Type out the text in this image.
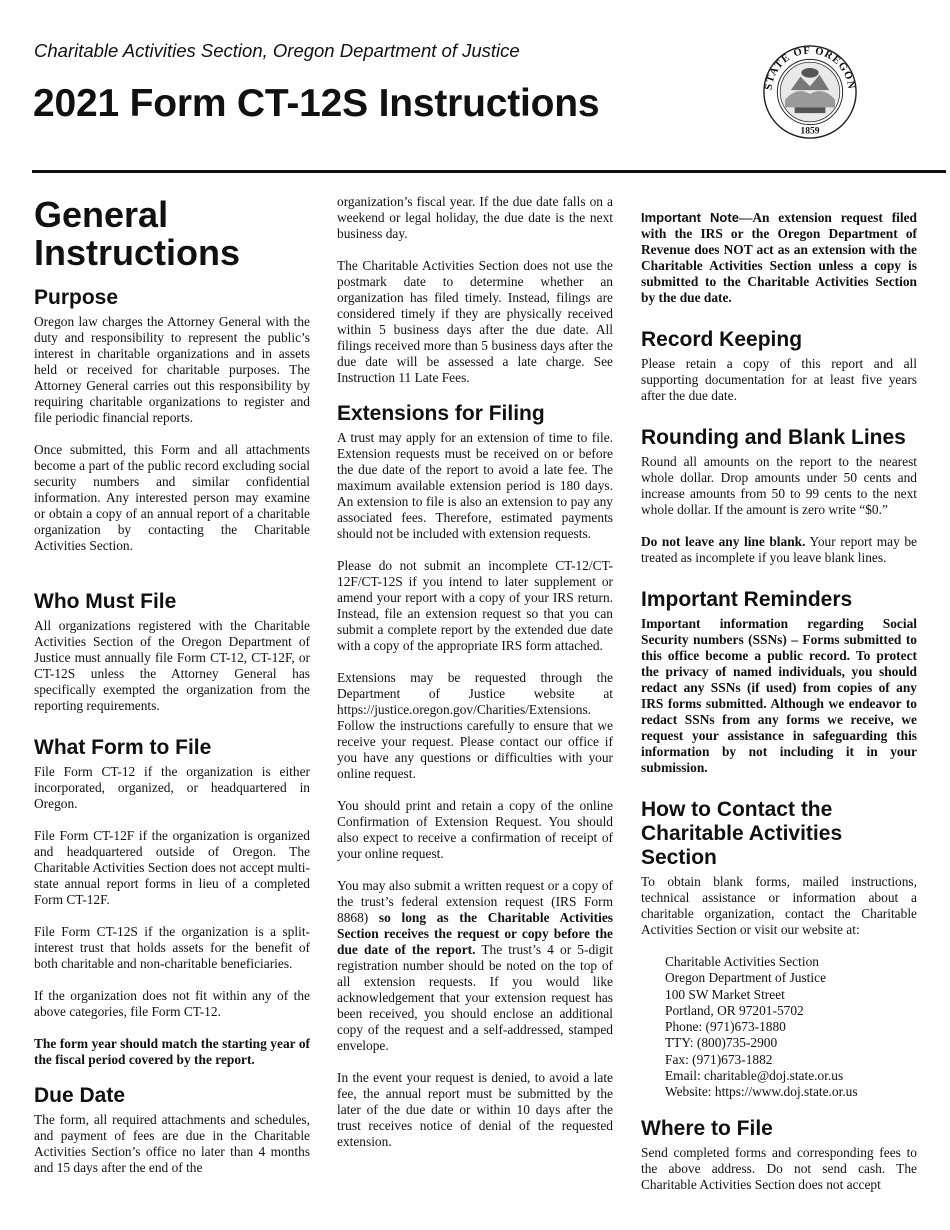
Charitable Activities Section, Oregon Department of Justice
2021 Form CT-12S Instructions	STATE OF OREGON
1859
General Instructions
Purpose

Oregon law charges the Attorney General with the duty and responsibility to represent the public’s interest in charitable organizations and in assets held or received for charitable purposes. The Attorney General carries out this responsibility by requiring charitable organizations to register and file periodic financial reports.

Once submitted, this Form and all attachments become a part of the public record excluding social security numbers and similar confidential information. Any interested person may examine or obtain a copy of an annual report of a charitable organization by contacting the Charitable Activities Section.

Who Must File

All organizations registered with the Charitable Activities Section of the Oregon Department of Justice must annually file Form CT-12, CT-12F, or CT-12S unless the Attorney General has specifically exempted the organization from the reporting requirements.

What Form to File

File Form CT-12 if the organization is either incorporated, organized, or headquartered in Oregon.

File Form CT-12F if the organization is organized and headquartered outside of Oregon. The Charitable Activities Section does not accept multi-state annual report forms in lieu of a completed Form CT-12F.

File Form CT-12S if the organization is a split-interest trust that holds assets for the benefit of both charitable and non-charitable beneficiaries.

If the organization does not fit within any of the above categories, file Form CT-12.

The form year should match the starting year of the fiscal period covered by the report.

Due Date

The form, all required attachments and schedules, and payment of fees are due in the Charitable Activities Section’s office no later than 4 months and 15 days after the end of the

organization’s fiscal year. If the due date falls on a weekend or legal holiday, the due date is the next business day.

The Charitable Activities Section does not use the postmark date to determine whether an organization has filed timely. Instead, filings are considered timely if they are physically received within 5 business days after the due date. All filings received more than 5 business days after the due date will be assessed a late charge. See Instruction 11 Late Fees.

Extensions for Filing

A trust may apply for an extension of time to file. Extension requests must be received on or before the due date of the report to avoid a late fee. The maximum available extension period is 180 days. An extension to file is also an extension to pay any associated fees. Therefore, estimated payments should not be included with extension requests.

Please do not submit an incomplete CT-12/CT-12F/CT-12S if you intend to later supplement or amend your report with a copy of your IRS return. Instead, file an extension request so that you can submit a complete report by the extended due date with a copy of the appropriate IRS form attached.

Extensions may be requested through the Department of Justice website at https://justice.oregon.gov/Charities/Extensions. Follow the instructions carefully to ensure that we receive your request. Please contact our office if you have any questions or difficulties with your online request.

You should print and retain a copy of the online Confirmation of Extension Request. You should also expect to receive a confirmation of receipt of your online request.

You may also submit a written request or a copy of the trust’s federal extension request (IRS Form 8868) so long as the Charitable Activities Section receives the request or copy before the due date of the report. The trust’s 4 or 5-digit registration number should be noted on the top of all extension requests. If you would like acknowledgement that your extension request has been received, you should enclose an additional copy of the request and a self-addressed, stamped envelope.

In the event your request is denied, to avoid a late fee, the annual report must be submitted by the later of the due date or within 10 days after the trust receives notice of denial of the requested extension.

Important Note—An extension request filed with the IRS or the Oregon Department of Revenue does NOT act as an extension with the Charitable Activities Section unless a copy is submitted to the Charitable Activities Section by the due date.

Record Keeping

Please retain a copy of this report and all supporting documentation for at least five years after the due date.

Rounding and Blank Lines

Round all amounts on the report to the nearest whole dollar. Drop amounts under 50 cents and increase amounts from 50 to 99 cents to the next whole dollar. If the amount is zero write “$0.”

Do not leave any line blank. Your report may be treated as incomplete if you leave blank lines.

Important Reminders

Important information regarding Social Security numbers (SSNs) – Forms submitted to this office become a public record. To protect the privacy of named individuals, you should redact any SSNs (if used) from copies of any IRS forms submitted. Although we endeavor to redact SSNs from any forms we receive, we request your assistance in safeguarding this information by not including it in your submission.

How to Contact the Charitable Activities Section

To obtain blank forms, mailed instructions, technical assistance or information about a charitable organization, contact the Charitable Activities Section or visit our website at:

Charitable Activities Section
Oregon Department of Justice
100 SW Market Street
Portland, OR 97201-5702
Phone: (971)673-1880
TTY: (800)735-2900
Fax: (971)673-1882
Email: charitable@doj.state.or.us
Website: https://www.doj.state.or.us
Where to File

Send completed forms and corresponding fees to the above address. Do not send cash. The Charitable Activities Section does not accept
